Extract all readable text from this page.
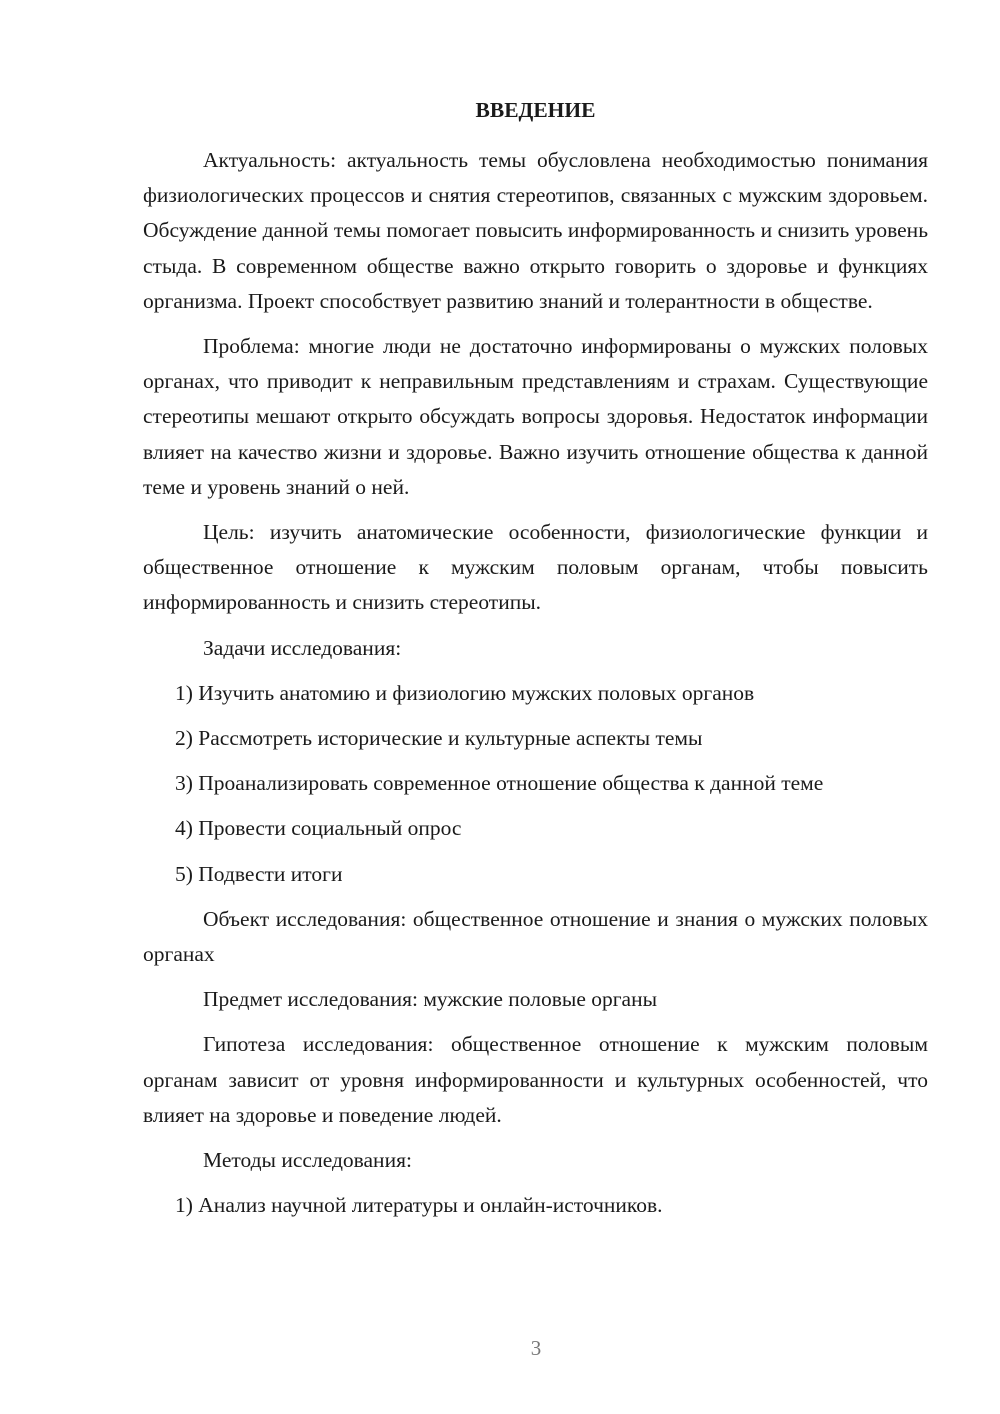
ВВЕДЕНИЕ

Актуальность: актуальность темы обусловлена необходимостью понимания физиологических процессов и снятия стереотипов, связанных с мужским здоровьем. Обсуждение данной темы помогает повысить информированность и снизить уровень стыда. В современном обществе важно открыто говорить о здоровье и функциях организма. Проект способствует развитию знаний и толерантности в обществе.

Проблема: многие люди не достаточно информированы о мужских половых органах, что приводит к неправильным представлениям и страхам. Существующие стереотипы мешают открыто обсуждать вопросы здоровья. Недостаток информации влияет на качество жизни и здоровье. Важно изучить отношение общества к данной теме и уровень знаний о ней.

Цель: изучить анатомические особенности, физиологические функции и общественное отношение к мужским половым органам, чтобы повысить информированность и снизить стереотипы.

Задачи исследования:

1) Изучить анатомию и физиологию мужских половых органов
2) Рассмотреть исторические и культурные аспекты темы
3) Проанализировать современное отношение общества к данной теме
4) Провести социальный опрос
5) Подвести итоги

Объект исследования: общественное отношение и знания о мужских половых органах

Предмет исследования: мужские половые органы

Гипотеза исследования: общественное отношение к мужским половым органам зависит от уровня информированности и культурных особенностей, что влияет на здоровье и поведение людей.

Методы исследования:

1) Анализ научной литературы и онлайн-источников.
3
